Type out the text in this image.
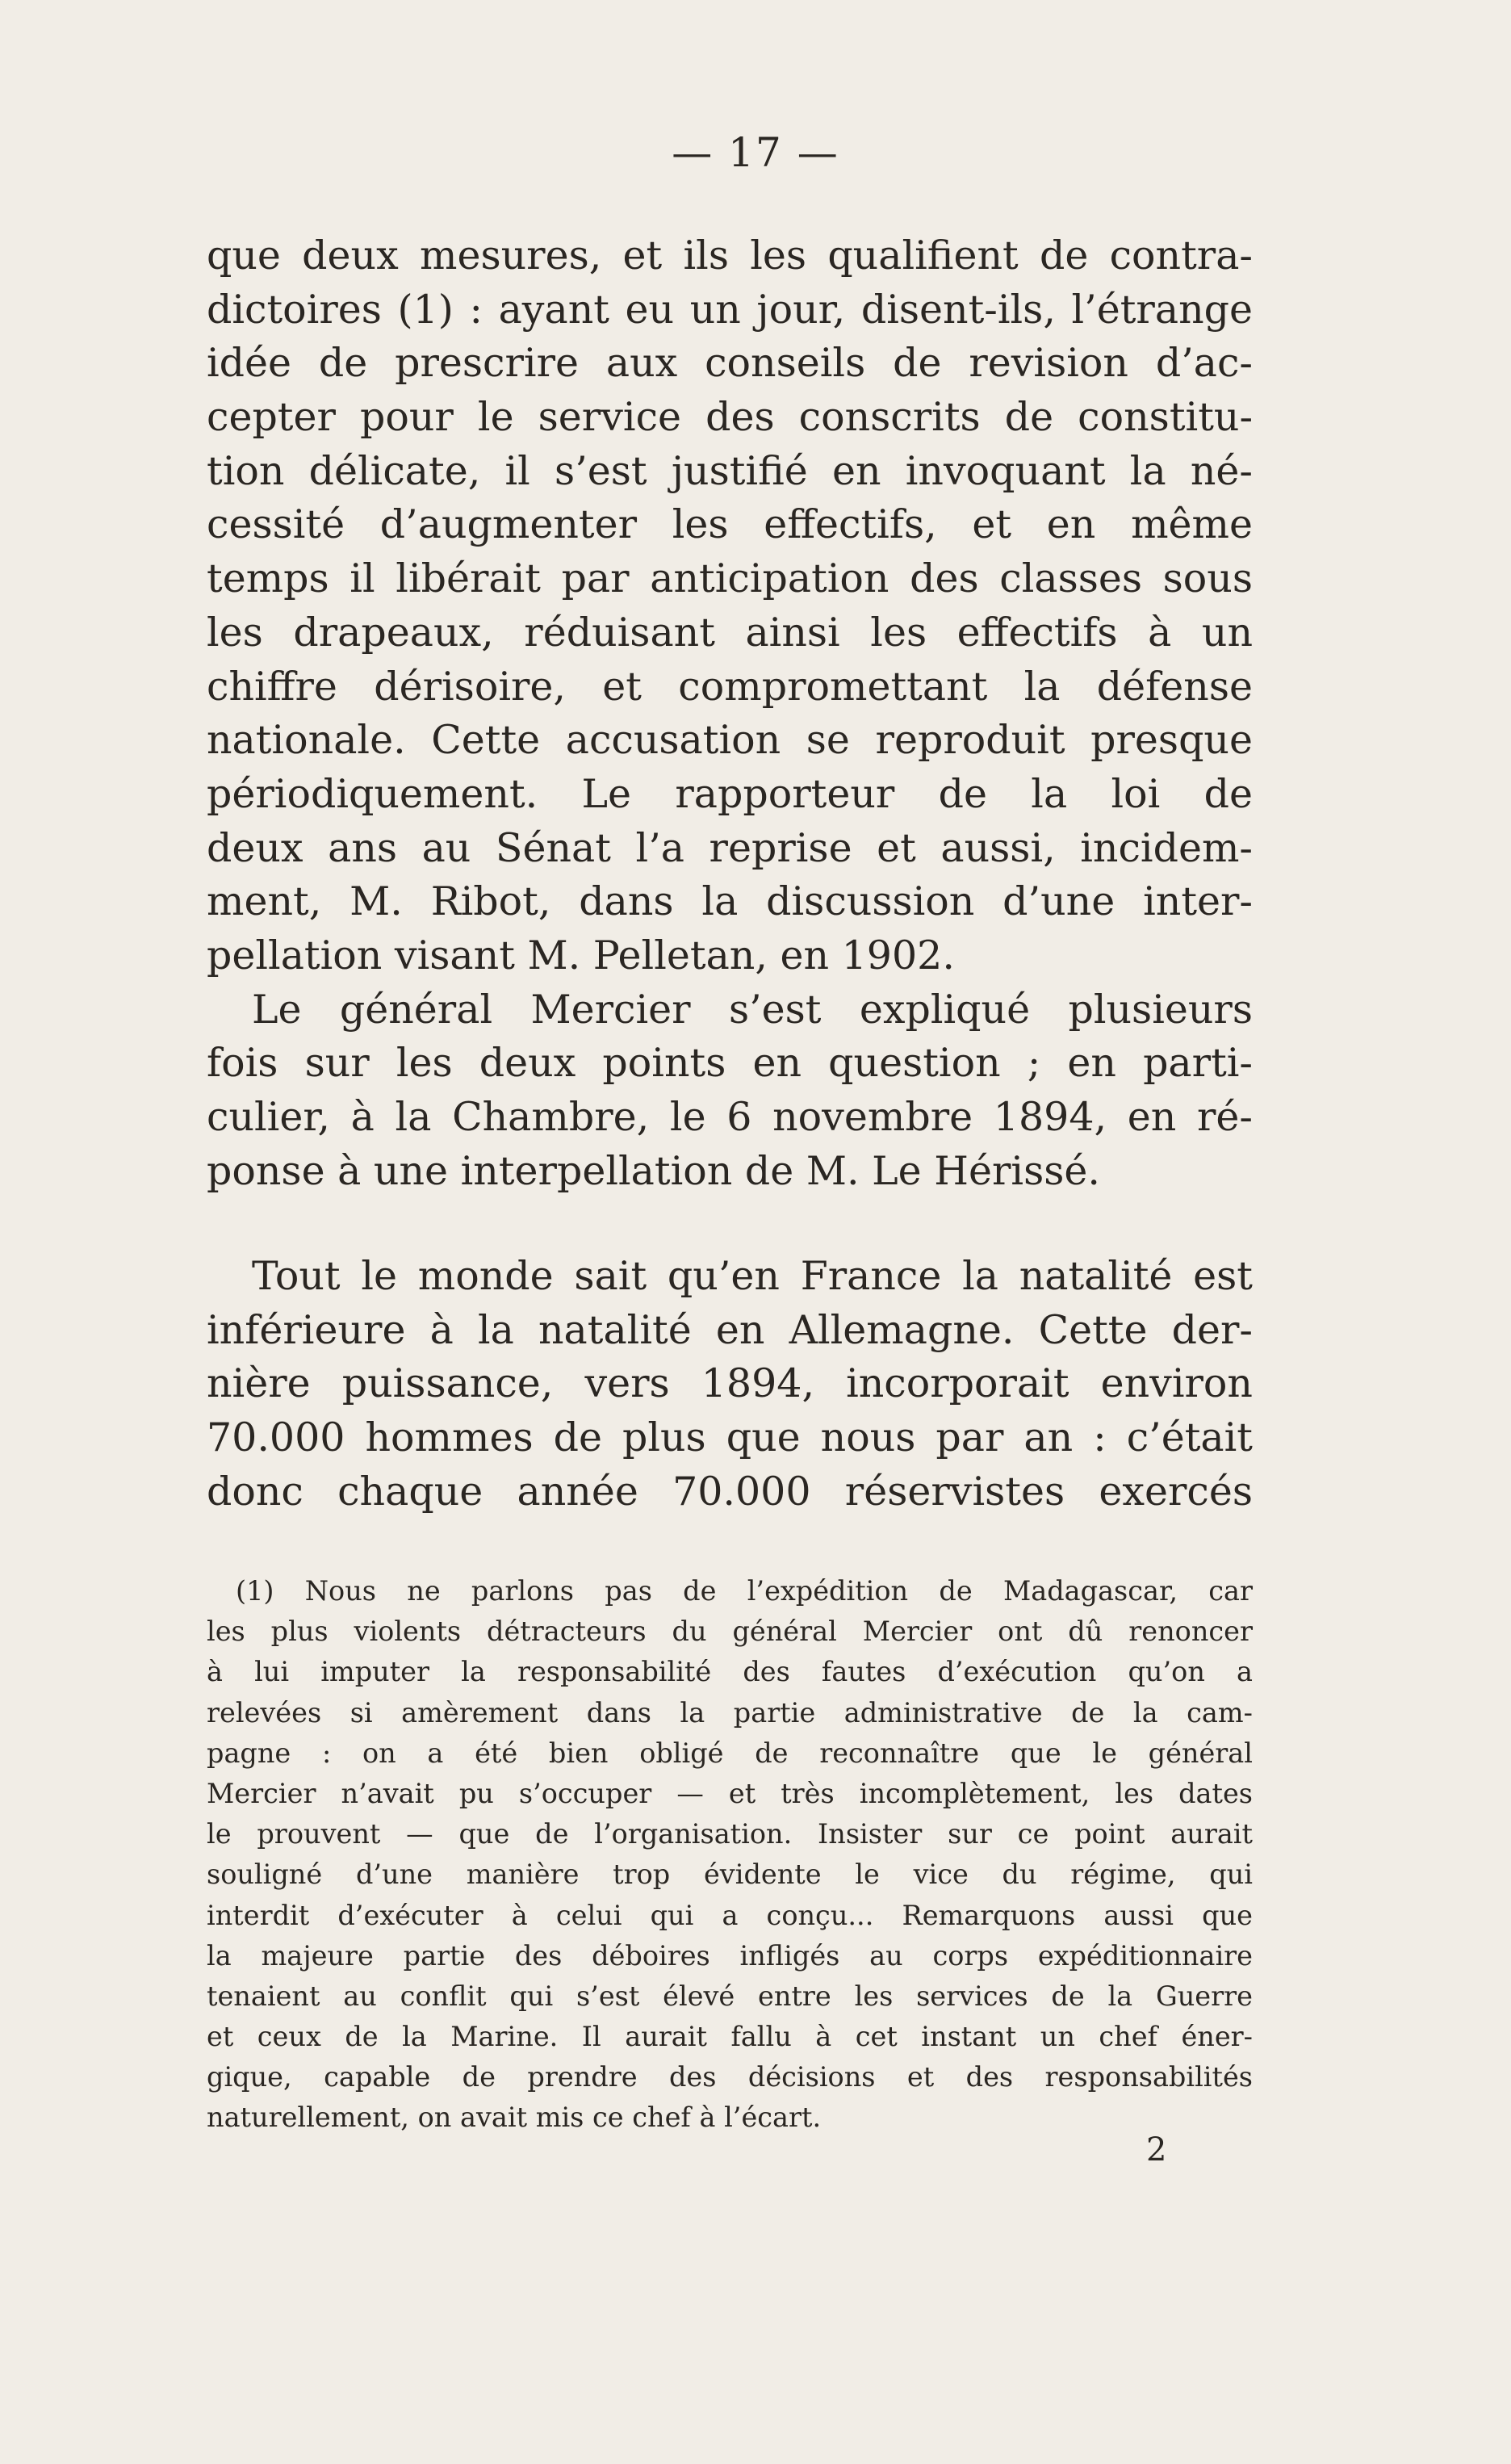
— 17 —
que deux mesures, et ils les qualifient de contra-
dictoires (1) : ayant eu un jour, disent-ils, l’étrange
idée de prescrire aux conseils de revision d’ac-
cepter pour le service des conscrits de constitu-
tion délicate, il s’est justifié en invoquant la né-
cessité d’augmenter les effectifs, et en même
temps il libérait par anticipation des classes sous
les drapeaux, réduisant ainsi les effectifs à un
chiffre dérisoire, et compromettant la défense
nationale. Cette accusation se reproduit presque
périodiquement. Le rapporteur de la loi de
deux ans au Sénat l’a reprise et aussi, incidem-
ment, M. Ribot, dans la discussion d’une inter-
pellation visant M. Pelletan, en 1902.
Le général Mercier s’est expliqué plusieurs
fois sur les deux points en question ; en parti-
culier, à la Chambre, le 6 novembre 1894, en ré-
ponse à une interpellation de M. Le Hérissé.
Tout le monde sait qu’en France la natalité est
inférieure à la natalité en Allemagne. Cette der-
nière puissance, vers 1894, incorporait environ
70.000 hommes de plus que nous par an : c’était
donc chaque année 70.000 réservistes exercés
(1) Nous ne parlons pas de l’expédition de Madagascar, car
les plus violents détracteurs du général Mercier ont dû renoncer
à lui imputer la responsabilité des fautes d’exécution qu’on a
relevées si amèrement dans la partie administrative de la cam-
pagne : on a été bien obligé de reconnaître que le général
Mercier n’avait pu s’occuper — et très incomplètement, les dates
le prouvent — que de l’organisation. Insister sur ce point aurait
souligné d’une manière trop évidente le vice du régime, qui
interdit d’exécuter à celui qui a conçu... Remarquons aussi que
la majeure partie des déboires infligés au corps expéditionnaire
tenaient au conflit qui s’est élevé entre les services de la Guerre
et ceux de la Marine. Il aurait fallu à cet instant un chef éner-
gique, capable de prendre des décisions et des responsabilités
naturellement, on avait mis ce chef à l’écart.
2
